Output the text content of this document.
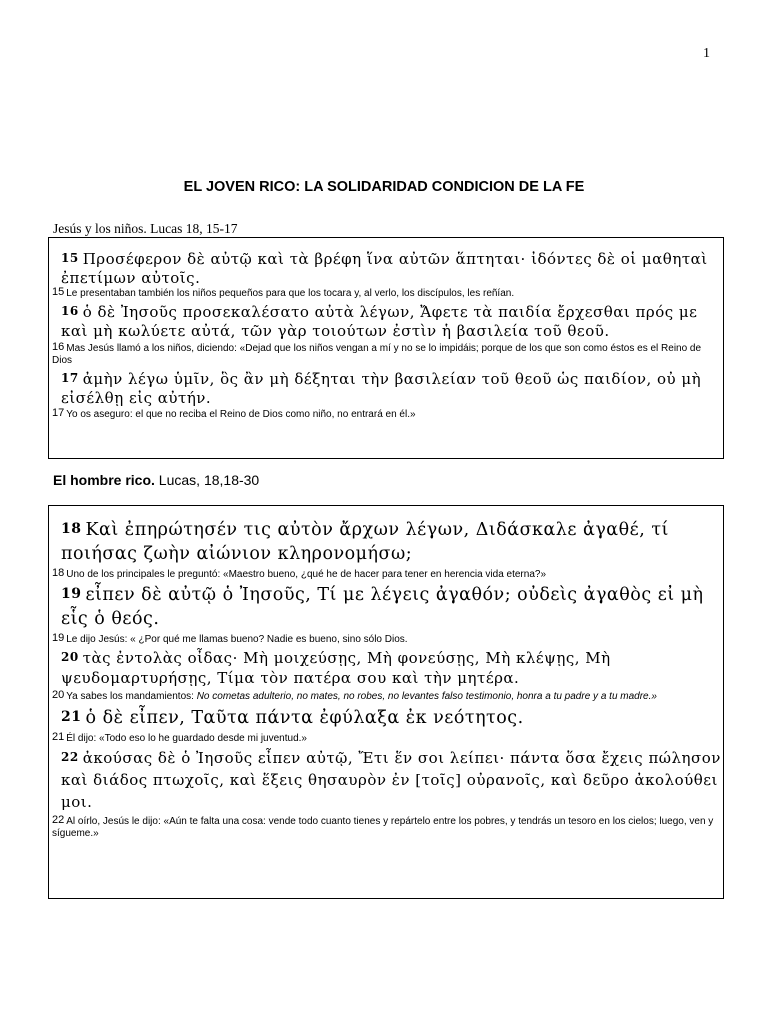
1
EL JOVEN RICO: LA SOLIDARIDAD CONDICION DE LA FE
Jesús y los niños. Lucas 18, 15-17
$^{15}$ Προσέφερον δὲ αὐτῷ καὶ τὰ βρέφη ἵνα αὐτῶν ἅπτηται· ἰδόντες δὲ οἱ μαθηταὶ ἐπετίμων αὐτοῖς.
15 Le presentaban también los niños pequeños para que los tocara y, al verlo, los discípulos, les reñían.
$^{16}$ ὁ δὲ Ἰησοῦς προσεκαλέσατο αὐτὰ λέγων, Ἄφετε τὰ παιδία ἔρχεσθαι πρός με καὶ μὴ κωλύετε αὐτά, τῶν γὰρ τοιούτων ἐστὶν ἡ βασιλεία τοῦ θεοῦ.
16 Mas Jesús llamó a los niños, diciendo: «Dejad que los niños vengan a mí y no se lo impidáis; porque de los que son como éstos es el Reino de Dios
$^{17}$ ἀμὴν λέγω ὑμῖν, ὃς ἂν μὴ δέξηται τὴν βασιλείαν τοῦ θεοῦ ὡς παιδίον, οὐ μὴ εἰσέλθῃ εἰς αὐτήν.
17 Yo os aseguro: el que no reciba el Reino de Dios como niño, no entrará en él.»
El hombre rico. Lucas, 18,18-30
$^{18}$ Καὶ ἐπηρώτησέν τις αὐτὸν ἄρχων λέγων, Διδάσκαλε ἀγαθέ, τί ποιήσας ζωὴν αἰώνιον κληρονομήσω;
18 Uno de los principales le preguntó: «Maestro bueno, ¿qué he de hacer para tener en herencia vida eterna?»
$^{19}$ εἶπεν δὲ αὐτῷ ὁ Ἰησοῦς, Τί με λέγεις ἀγαθόν; οὐδεὶς ἀγαθὸς εἰ μὴ εἷς ὁ θεός.
19 Le dijo Jesús: « ¿Por qué me llamas bueno? Nadie es bueno, sino sólo Dios.
$^{20}$ τὰς ἐντολὰς οἶδας· Μὴ μοιχεύσῃς, Μὴ φονεύσῃς, Μὴ κλέψῃς, Μὴ ψευδομαρτυρήσῃς, Τίμα τὸν πατέρα σου καὶ τὴν μητέρα.
20 Ya sabes los mandamientos: No cometas adulterio, no mates, no robes, no levantes falso testimonio, honra a tu padre y a tu madre.»
$^{21}$ ὁ δὲ εἶπεν, Ταῦτα πάντα ἐφύλαξα ἐκ νεότητος.
21 Él dijo: «Todo eso lo he guardado desde mi juventud.»
$^{22}$ ἀκούσας δὲ ὁ Ἰησοῦς εἶπεν αὐτῷ, Ἔτι ἕν σοι λείπει· πάντα ὅσα ἔχεις πώλησον καὶ διάδος πτωχοῖς, καὶ ἕξεις θησαυρὸν ἐν [τοῖς] οὐρανοῖς, καὶ δεῦρο ἀκολούθει μοι.
22 Al oírlo, Jesús le dijo: «Aún te falta una cosa: vende todo cuanto tienes y repártelo entre los pobres, y tendrás un tesoro en los cielos; luego, ven y sígueme.»
